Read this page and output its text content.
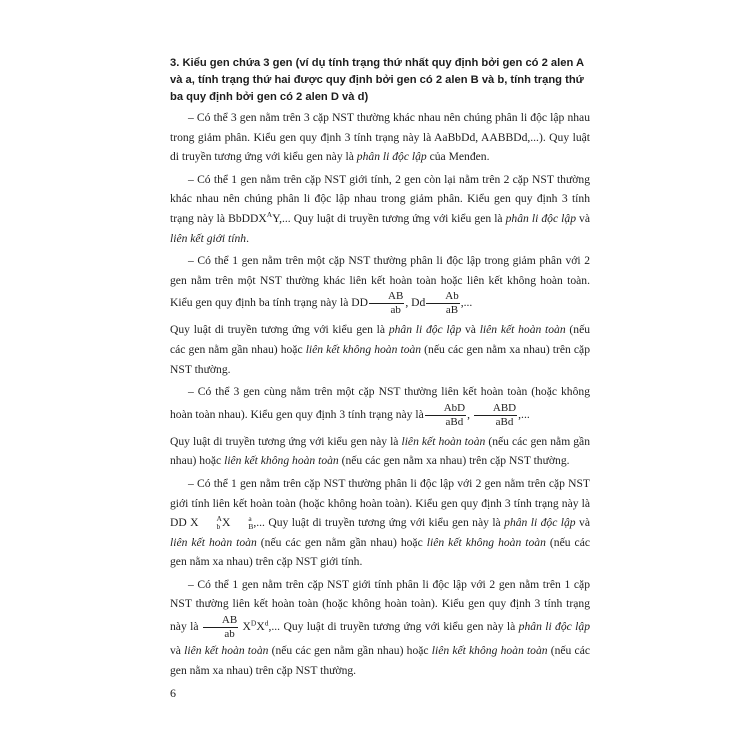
3. Kiểu gen chứa 3 gen (ví dụ tính trạng thứ nhất quy định bởi gen có 2 alen A và a, tính trạng thứ hai được quy định bởi gen có 2 alen B và b, tính trạng thứ ba quy định bởi gen có 2 alen D và d)

– Có thể 3 gen nằm trên 3 cặp NST thường khác nhau nên chúng phân li độc lập nhau trong giảm phân. Kiểu gen quy định 3 tính trạng này là AaBbDd, AABBDd,...). Quy luật di truyền tương ứng với kiểu gen này là phân li độc lập của Menđen.

– Có thể 1 gen nằm trên cặp NST giới tính, 2 gen còn lại nằm trên 2 cặp NST thường khác nhau nên chúng phân li độc lập nhau trong giảm phân. Kiểu gen quy định 3 tính trạng này là BbDDX$^A$Y,... Quy luật di truyền tương ứng với kiểu gen là phân li độc lập và liên kết giới tính.

– Có thể 1 gen nằm trên một cặp NST thường phân li độc lập trong giảm phân với 2 gen nằm trên một NST thường khác liên kết hoàn toàn hoặc liên kết không hoàn toàn. Kiểu gen quy định ba tính trạng này là DD $\frac{AB}{ab}$ , Dd $\frac{Ab}{aB}$ ,...

Quy luật di truyền tương ứng với kiểu gen là phân li độc lập và liên kết hoàn toàn (nếu các gen nằm gần nhau) hoặc liên kết không hoàn toàn (nếu các gen nằm xa nhau) trên cặp NST thường.

– Có thể 3 gen cùng nằm trên một cặp NST thường liên kết hoàn toàn (hoặc không hoàn toàn nhau). Kiểu gen quy định 3 tính trạng này là $\frac{\text{AbD}}{\text{aBd}}$ , $\frac{\text{ABD}}{\text{aBd}}$ ,...

Quy luật di truyền tương ứng với kiểu gen này là liên kết hoàn toàn (nếu các gen nằm gần nhau) hoặc liên kết không hoàn toàn (nếu các gen nằm xa nhau) trên cặp NST thường.

– Có thể 1 gen nằm trên cặp NST thường phân li độc lập với 2 gen nằm trên cặp NST giới tính liên kết hoàn toàn (hoặc không hoàn toàn). Kiểu gen quy định 3 tính trạng này là DD X	A
b X	a
B ,... Quy luật di truyền tương ứng với kiểu gen này là phân li độc lập và liên kết hoàn toàn (nếu các gen nằm gần nhau) hoặc liên kết không hoàn toàn (nếu các gen nằm xa nhau) trên cặp NST giới tính.

– Có thể 1 gen nằm trên cặp NST giới tính phân li độc lập với 2 gen nằm trên 1 cặp NST thường liên kết hoàn toàn (hoặc không hoàn toàn). Kiểu gen quy định 3 tính trạng này là $\frac{AB}{ab} X^DX^d$,... Quy luật di truyền tương ứng với kiểu gen này là phân li độc lập và liên kết hoàn toàn (nếu các gen nằm gần nhau) hoặc liên kết không hoàn toàn (nếu các gen nằm xa nhau) trên cặp NST thường.

6
